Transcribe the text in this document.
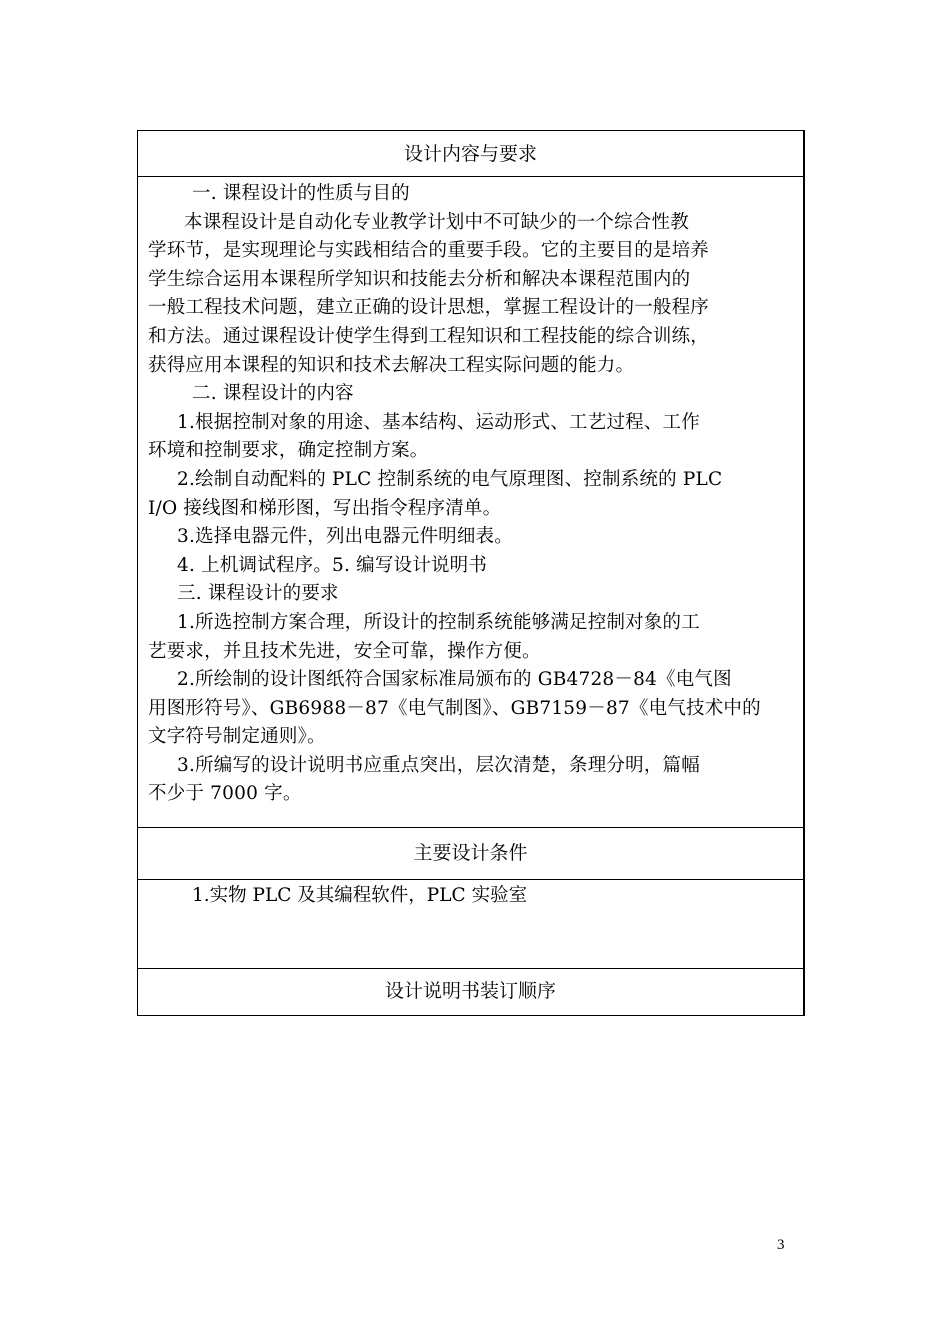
设计内容与要求

一. 课程设计的性质与目的

本课程设计是自动化专业教学计划中不可缺少的一个综合性教

学环节，是实现理论与实践相结合的重要手段。它的主要目的是培养

学生综合运用本课程所学知识和技能去分析和解决本课程范围内的

一般工程技术问题，建立正确的设计思想，掌握工程设计的一般程序

和方法。通过课程设计使学生得到工程知识和工程技能的综合训练，

获得应用本课程的知识和技术去解决工程实际问题的能力。

二. 课程设计的内容

1.根据控制对象的用途、基本结构、运动形式、工艺过程、工作

环境和控制要求，确定控制方案。

2.绘制自动配料的 PLC 控制系统的电气原理图、控制系统的 PLC

I/O 接线图和梯形图，写出指令程序清单。

3.选择电器元件，列出电器元件明细表。

4. 上机调试程序。5. 编写设计说明书

三. 课程设计的要求

1.所选控制方案合理，所设计的控制系统能够满足控制对象的工

艺要求，并且技术先进，安全可靠，操作方便。

2.所绘制的设计图纸符合国家标准局颁布的 GB4728－84《电气图

用图形符号》、GB6988－87《电气制图》、GB7159－87《电气技术中的

文字符号制定通则》。

3.所编写的设计说明书应重点突出，层次清楚，条理分明，篇幅

不少于 7000 字。

主要设计条件

1.实物 PLC 及其编程软件，PLC 实验室

设计说明书装订顺序
3
